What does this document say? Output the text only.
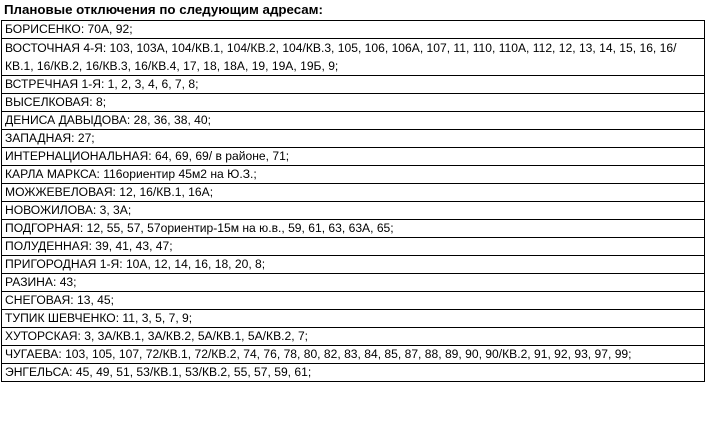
Плановые отключения по следующим адресам:
БОРИСЕНКО: 70А, 92;
ВОСТОЧНАЯ 4-Я: 103, 103А, 104/КВ.1, 104/КВ.2, 104/КВ.3, 105, 106, 106А, 107, 11, 110, 110А, 112, 12, 13, 14, 15, 16, 16/КВ.1, 16/КВ.2, 16/КВ.3, 16/КВ.4, 17, 18, 18А, 19, 19А, 19Б, 9;
ВСТРЕЧНАЯ 1-Я: 1, 2, 3, 4, 6, 7, 8;
ВЫСЕЛКОВАЯ: 8;
ДЕНИСА ДАВЫДОВА: 28, 36, 38, 40;
ЗАПАДНАЯ: 27;
ИНТЕРНАЦИОНАЛЬНАЯ: 64, 69, 69/ в районе, 71;
КАРЛА МАРКСА: 116ориентир 45м2 на Ю.З.;
МОЖЖЕВЕЛОВАЯ: 12, 16/КВ.1, 16А;
НОВОЖИЛОВА: 3, 3А;
ПОДГОРНАЯ: 12, 55, 57, 57ориентир-15м на ю.в., 59, 61, 63, 63А, 65;
ПОЛУДЕННАЯ: 39, 41, 43, 47;
ПРИГОРОДНАЯ 1-Я: 10А, 12, 14, 16, 18, 20, 8;
РАЗИНА: 43;
СНЕГОВАЯ: 13, 45;
ТУПИК ШЕВЧЕНКО: 11, 3, 5, 7, 9;
ХУТОРСКАЯ: 3, 3А/КВ.1, 3А/КВ.2, 5А/КВ.1, 5А/КВ.2, 7;
ЧУГАЕВА: 103, 105, 107, 72/КВ.1, 72/КВ.2, 74, 76, 78, 80, 82, 83, 84, 85, 87, 88, 89, 90, 90/КВ.2, 91, 92, 93, 97, 99;
ЭНГЕЛЬСА: 45, 49, 51, 53/КВ.1, 53/КВ.2, 55, 57, 59, 61;
